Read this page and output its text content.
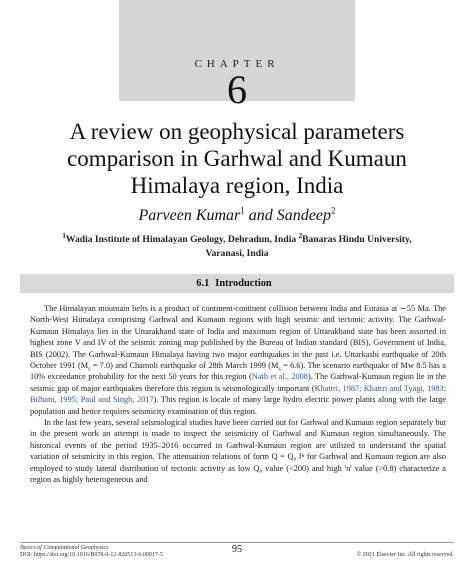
CHAPTER
6
A review on geophysical parameters comparison in Garhwal and Kumaun Himalaya region, India
Parveen Kumar$^1$ and Sandeep$^2$
$^1$Wadia Institute of Himalayan Geology, Dehradun, India $^2$Banaras Hindu University,
Varanasi, India
6.1 Introduction

The Himalayan mountain belts is a product of continent-continent collision between India and Eurasia at ∼55 Ma. The North-West Himalaya comprising Garhwal and Kumaun regions with high seismic and tectonic activity. The Garhwal-Kumaun Himalaya lies in the Uttarakhand state of India and maximum region of Uttarakhand state has been assorted in highest zone V and IV of the seismic zoning map published by the Bureau of Indian standard (BIS), Government of India, BIS (2002). The Garhwal-Kumaun Himalaya having two major earthquakes in the past i.e. Uttarkashi earthquake of 20th October 1991 $(M_s = 7.0)$ and Chamoli earthquake of 28th March 1999 $(M_s = 6.6)$. The scenario earthquake of Mw 8.5 has a 10% exceedance probability for the next 50 years for this region (Nath et al., 2008). The Garhwal-Kumaun region lie in the seismic gap of major earthquakes therefore this region is seismologically important (Khattri, 1987; Khattri and Tyagi, 1983; Bilham, 1995; Paul and Singh, 2017). This region is locale of many large hydro electric power plants along with the large population and hence requires seismicity examination of this region.

In the last few years, several seismological studies have been carried out for Garhwal and Kumaun region separately but in the present work an attempt is made to inspect the seismicity of Garhwal and Kumaun region simultaneously. The historical events of the period 1935–2016 occurred in Garhwal-Kumaun region are utilized to understand the spatial variation of seismicity in this region. The attenuation relations of form Q = Q₀ fⁿ for Garhwal and Kumaun region are also employed to study lateral distribution of tectonic activity as low Q₀ value (<200) and high 'n' value (>0.8) characterize a region as highly heterogeneous and

Basics of Computational Geophysics
DOI: https://doi.org/10.1016/B978-0-12-820513-6.00017-5	95	© 2021 Elsevier Inc. All rights reserved.
